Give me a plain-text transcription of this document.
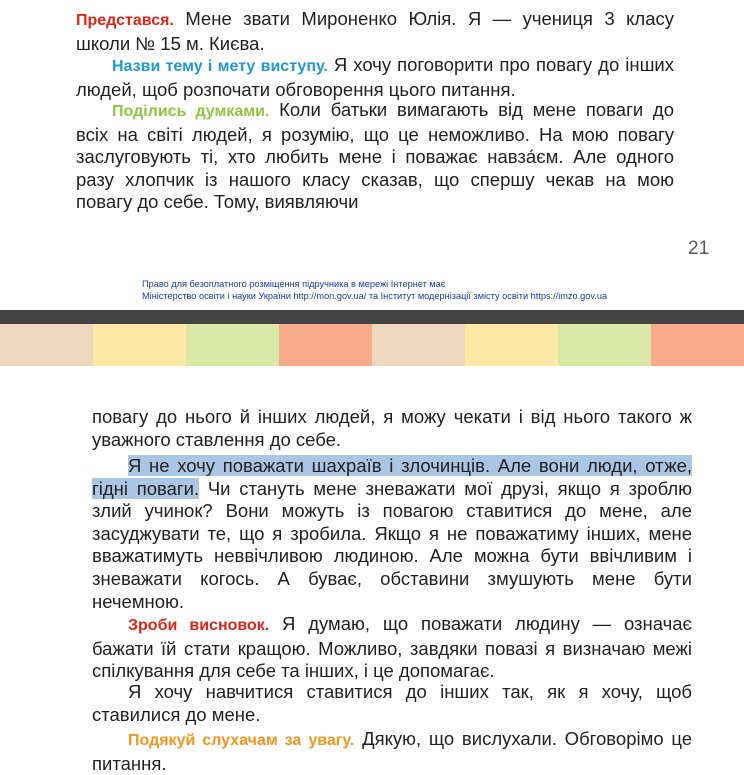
Представся. Мене звати Мироненко Юлія. Я — учениця 3 класу школи № 15 м. Києва.

Назви тему і мету виступу. Я хочу поговорити про повагу до інших людей, щоб розпочати обговорення цього питання.

Поділись думками. Коли батьки вимагають від мене поваги до всіх на світі людей, я розумію, що це неможливо. На мою повагу заслуговують ті, хто любить мене і поважає навзáєм. Але одного разу хлопчик із нашого класу сказав, що спершу чекав на мою повагу до себе. Тому, виявляючи

21
Право для безоплатного розміщення підручника в мережі Інтернет має
Міністерство освіти і науки України http://mon.gov.ua/ та Інститут модернізації змісту освіти https://imzo.gov.ua

повагу до нього й інших людей, я можу чекати і від нього такого ж уважного ставлення до себе.

Я не хочу поважати шахраїв і злочинців. Але вони люди, отже, гідні поваги. Чи стануть мене зневажати мої друзі, якщо я зроблю злий учинок? Вони можуть із повагою ставитися до мене, але засуджувати те, що я зробила. Якщо я не поважатиму інших, мене вважатимуть неввічливою людиною. Але можна бути ввічливим і зневажати когось. А буває, обставини змушують мене бути нечемною.

Зроби висновок. Я думаю, що поважати людину — означає бажати їй стати кращою. Можливо, завдяки повазі я визначаю межі спілкування для себе та інших, і це допомагає.

Я хочу навчитися ставитися до інших так, як я хочу, щоб ставилися до мене.

Подякуй слухачам за увагу. Дякую, що вислухали. Обговорімо це питання.
